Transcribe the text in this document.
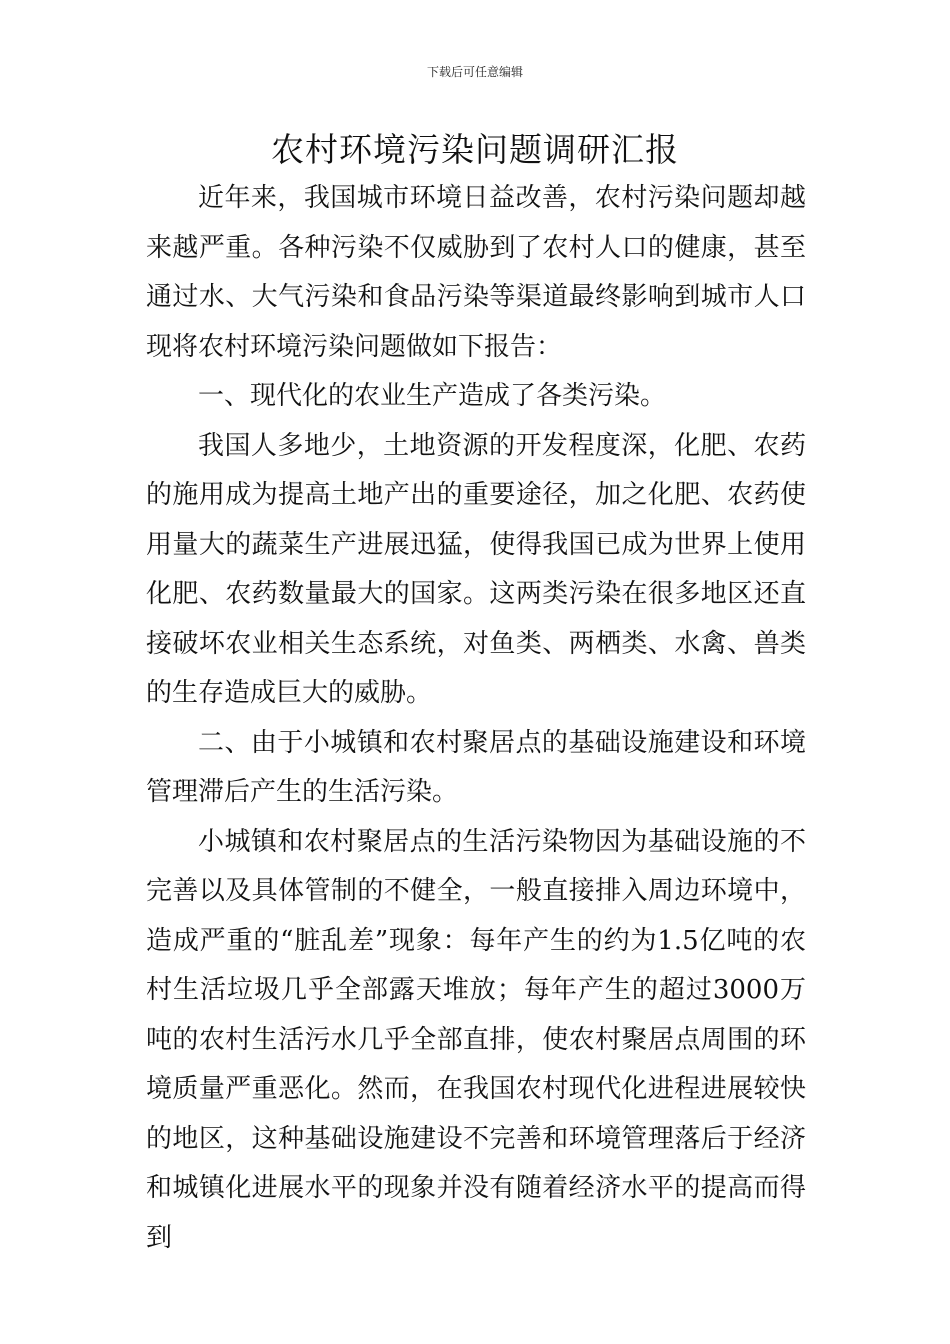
下载后可任意编辑
农村环境污染问题调研汇报

近年来，我国城市环境日益改善，农村污染问题却越来越严重。各种污染不仅威胁到了农村人口的健康，甚至通过水、大气污染和食品污染等渠道最终影响到城市人口现将农村环境污染问题做如下报告：

一、现代化的农业生产造成了各类污染。

我国人多地少，土地资源的开发程度深，化肥、农药的施用成为提高土地产出的重要途径，加之化肥、农药使用量大的蔬菜生产进展迅猛，使得我国已成为世界上使用化肥、农药数量最大的国家。这两类污染在很多地区还直接破坏农业相关生态系统，对鱼类、两栖类、水禽、兽类的生存造成巨大的威胁。

二、由于小城镇和农村聚居点的基础设施建设和环境管理滞后产生的生活污染。

小城镇和农村聚居点的生活污染物因为基础设施的不完善以及具体管制的不健全，一般直接排入周边环境中，造成严重的“脏乱差”现象：每年产生的约为1.5亿吨的农村生活垃圾几乎全部露天堆放；每年产生的超过3000万吨的农村生活污水几乎全部直排，使农村聚居点周围的环境质量严重恶化。然而，在我国农村现代化进程进展较快的地区，这种基础设施建设不完善和环境管理落后于经济和城镇化进展水平的现象并没有随着经济水平的提高而得到
